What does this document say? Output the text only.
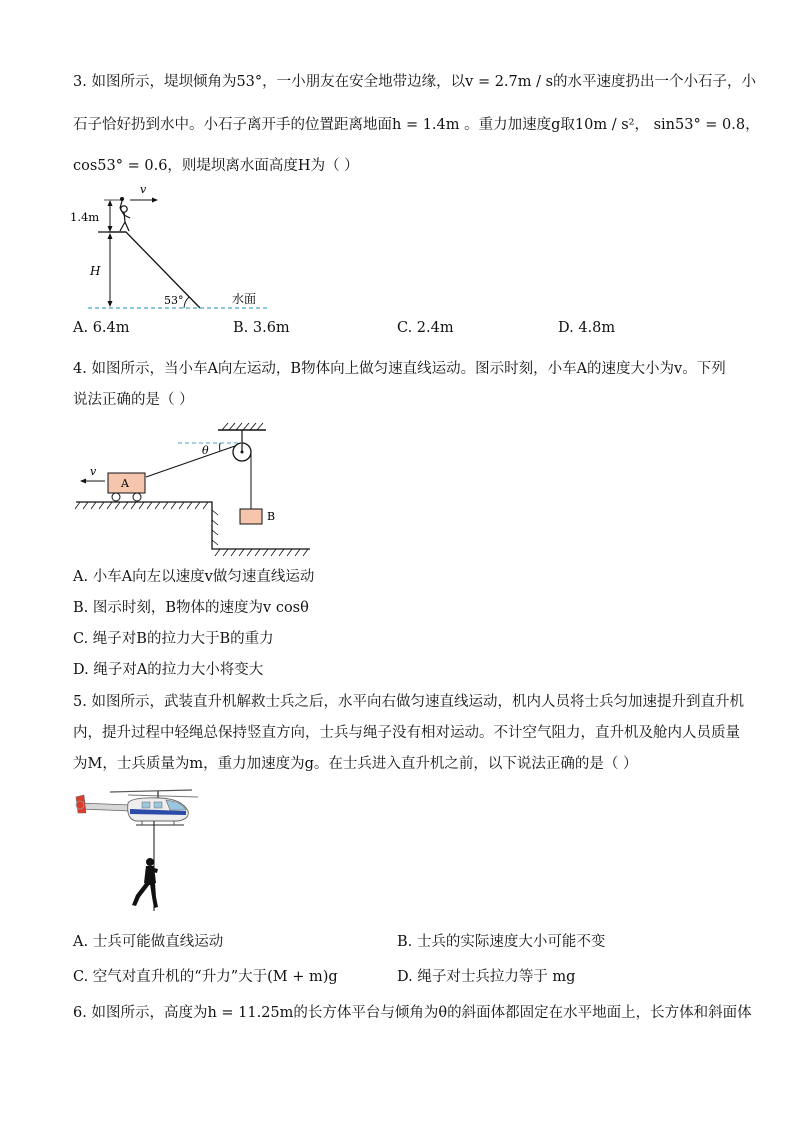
3. 如图所示，堤坝倾角为53°，一小朋友在安全地带边缘，以v = 2.7m / s的水平速度扔出一个小石子，小
石子恰好扔到水中。小石子离开手的位置距离地面h = 1.4m 。重力加速度g取10m / s²， sin53° = 0.8，
cos53° = 0.6，则堤坝离水面高度H为（ ）
v
1.4m
H
53°	水面
A. 6.4m	B. 3.6m	C. 2.4m	D. 4.8m
4. 如图所示，当小车A向左运动，B物体向上做匀速直线运动。图示时刻，小车A的速度大小为v。下列
说法正确的是（ ）
θ
A
v
B
A. 小车A向左以速度v做匀速直线运动
B. 图示时刻，B物体的速度为v cosθ
C. 绳子对B的拉力大于B的重力
D. 绳子对A的拉力大小将变大
5. 如图所示，武装直升机解救士兵之后，水平向右做匀速直线运动，机内人员将士兵匀加速提升到直升机
内，提升过程中轻绳总保持竖直方向，士兵与绳子没有相对运动。不计空气阻力，直升机及舱内人员质量
为M，士兵质量为m，重力加速度为g。在士兵进入直升机之前，以下说法正确的是（ ）
A. 士兵可能做直线运动	B. 士兵的实际速度大小可能不变
C. 空气对直升机的“升力”大于(M + m)g	D. 绳子对士兵拉力等于 mg
6. 如图所示，高度为h = 11.25m的长方体平台与倾角为θ的斜面体都固定在水平地面上，长方体和斜面体
